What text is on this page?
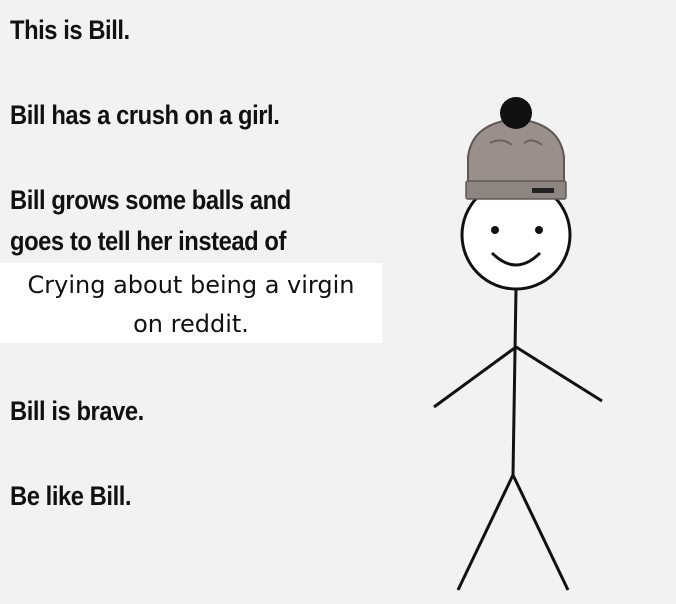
This is Bill.

Bill has a crush on a girl.

Bill grows some balls and

goes to tell her instead of

Crying about being a virgin

on reddit.

Bill is brave.

Be like Bill.
